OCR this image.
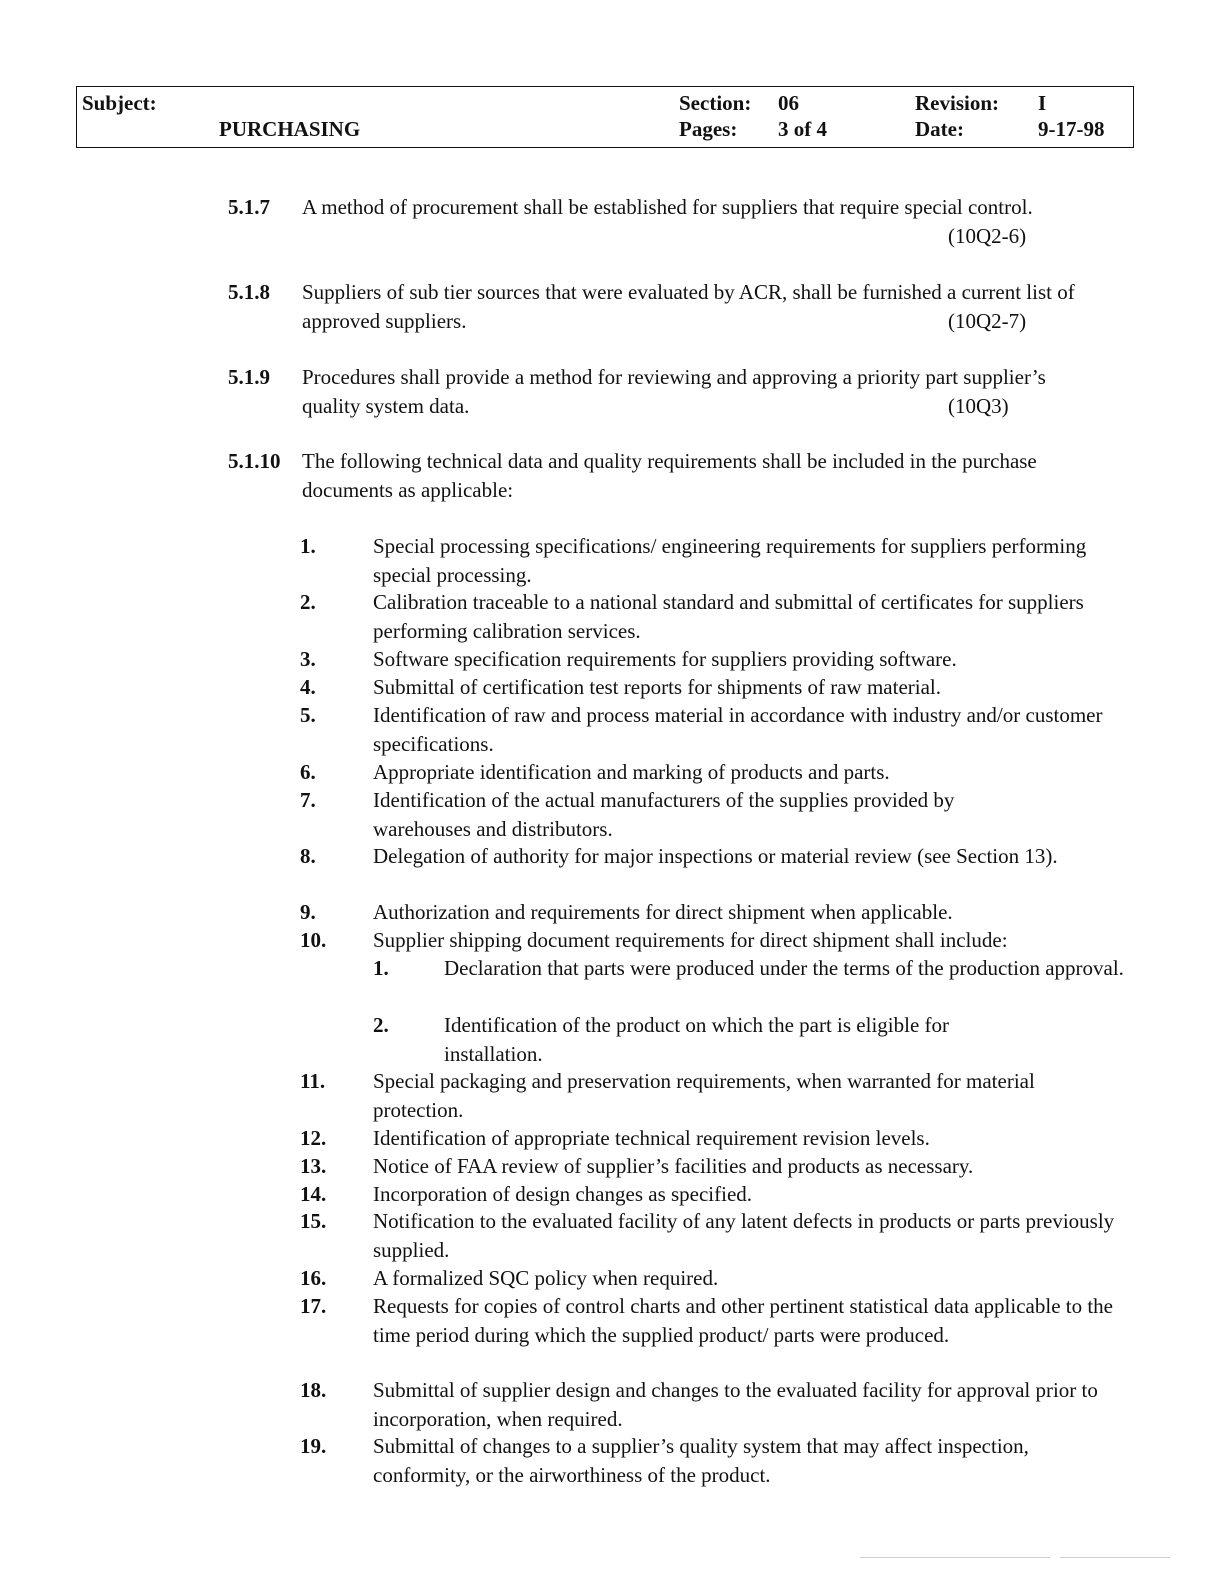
Subject:
PURCHASING
Section: 06
Pages: 3 of 4
Revision: I
Date:	9-17-98
5.1.7 A method of procurement shall be established for suppliers that require special control.
(10Q2-6)
5.1.8 Suppliers of sub tier sources that were evaluated by ACR, shall be furnished a current list of approved suppliers.	(10Q2-7)
5.1.9 Procedures shall provide a method for reviewing and approving a priority part supplier’s quality system data.	(10Q3)
5.1.10 The following technical data and quality requirements shall be included in the purchase documents as applicable:
1.	Special processing specifications/ engineering requirements for suppliers performing special processing.
2.	Calibration traceable to a national standard and submittal of certificates for suppliers performing calibration services.
3.	Software specification requirements for suppliers providing software.
4.	Submittal of certification test reports for shipments of raw material.
5.	Identification of raw and process material in accordance with industry and/or customer specifications.
6.	Appropriate identification and marking of products and parts.
7.	Identification of the actual manufacturers of the supplies provided by warehouses and distributors.
8.	Delegation of authority for major inspections or material review (see Section 13).
9.	Authorization and requirements for direct shipment when applicable.
10. Supplier shipping document requirements for direct shipment shall include:
1.	Declaration that parts were produced under the terms of the production approval.
2.	Identification of the product on which the part is eligible for installation.
11. Special packaging and preservation requirements, when warranted for material protection.
12. Identification of appropriate technical requirement revision levels.
13. Notice of FAA review of supplier’s facilities and products as necessary.
14. Incorporation of design changes as specified.
15. Notification to the evaluated facility of any latent defects in products or parts previously supplied.
16. A formalized SQC policy when required.
17. Requests for copies of control charts and other pertinent statistical data applicable to the time period during which the supplied product/ parts were produced.
18. Submittal of supplier design and changes to the evaluated facility for approval prior to incorporation, when required.
19. Submittal of changes to a supplier’s quality system that may affect inspection, conformity, or the airworthiness of the product.
